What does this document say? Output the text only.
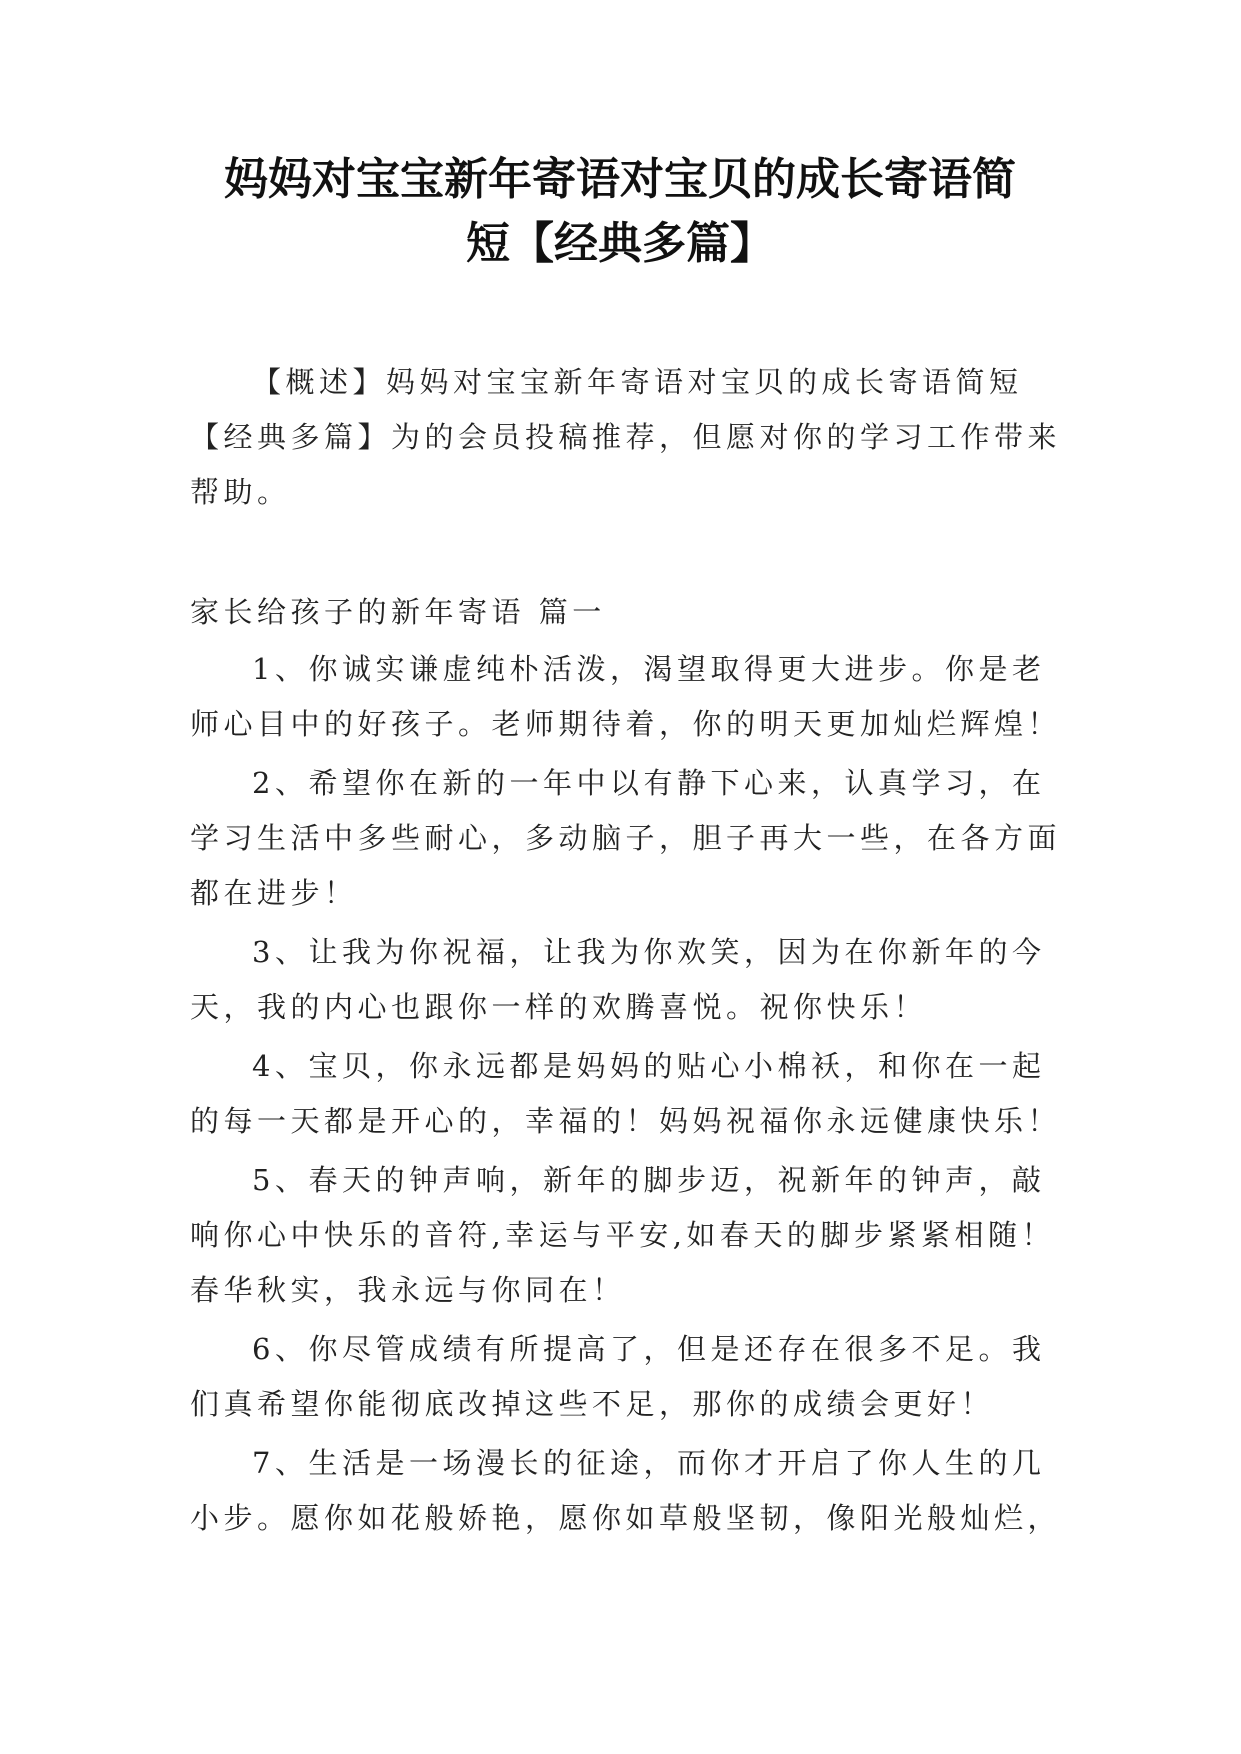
妈妈对宝宝新年寄语对宝贝的成长寄语简
短【经典多篇】

【概述】妈妈对宝宝新年寄语对宝贝的成长寄语简短
【经典多篇】为的会员投稿推荐，但愿对你的学习工作带来
帮助。

家长给孩子的新年寄语 篇一

1、你诚实谦虚纯朴活泼，渴望取得更大进步。你是老
师心目中的好孩子。老师期待着，你的明天更加灿烂辉煌！

2、希望你在新的一年中以有静下心来，认真学习，在
学习生活中多些耐心，多动脑子，胆子再大一些，在各方面
都在进步！

3、让我为你祝福，让我为你欢笑，因为在你新年的今
天，我的内心也跟你一样的欢腾喜悦。祝你快乐！

4、宝贝，你永远都是妈妈的贴心小棉袄，和你在一起
的每一天都是开心的，幸福的！妈妈祝福你永远健康快乐！

5、春天的钟声响，新年的脚步迈，祝新年的钟声，敲
响你心中快乐的音符,幸运与平安,如春天的脚步紧紧相随！
春华秋实，我永远与你同在！

6、你尽管成绩有所提高了，但是还存在很多不足。我
们真希望你能彻底改掉这些不足，那你的成绩会更好！

7、生活是一场漫长的征途，而你才开启了你人生的几
小步。愿你如花般娇艳，愿你如草般坚韧，像阳光般灿烂，
